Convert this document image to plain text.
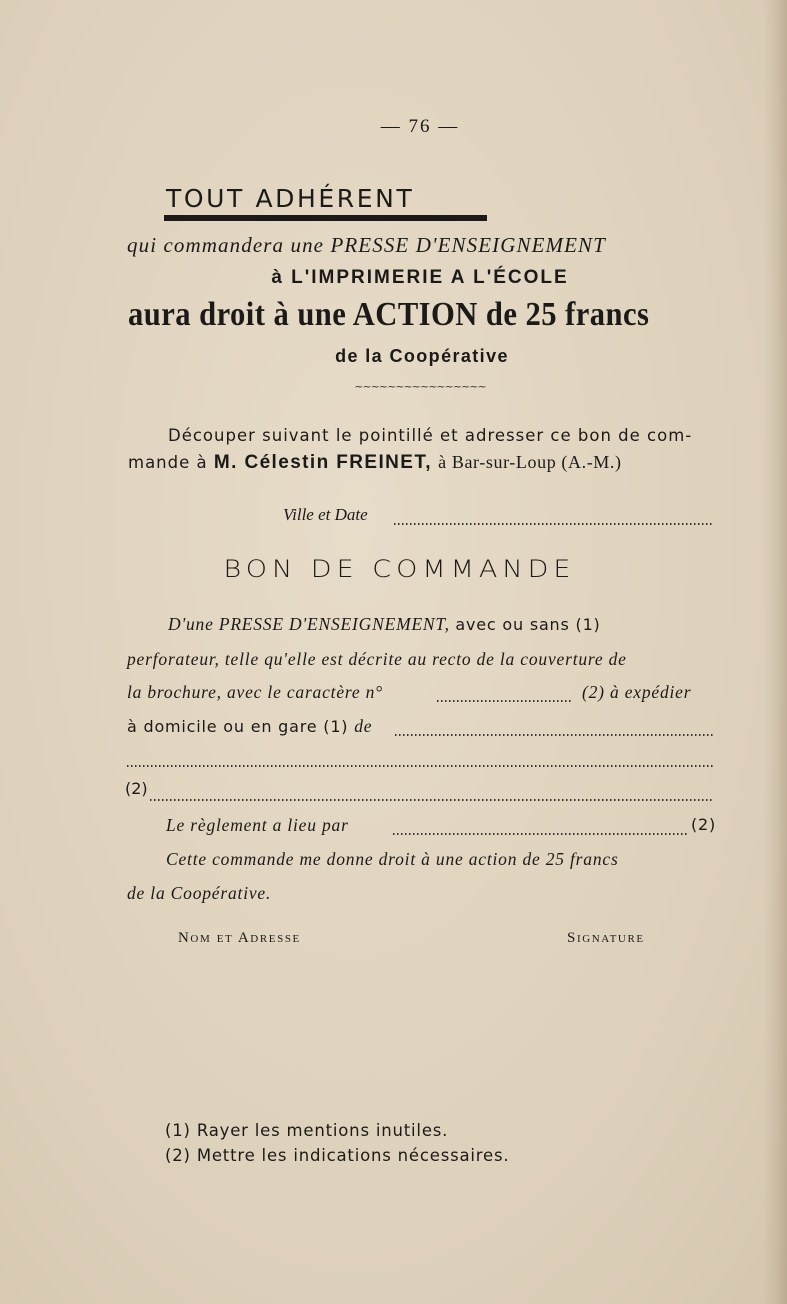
— 76 —
TOUT ADHÉRENT
qui commandera une PRESSE D'ENSEIGNEMENT
à L'IMPRIMERIE A L'ÉCOLE
aura droit à une ACTION de 25 francs
de la Coopérative
~~~~~~~~~~~~~~~~
Découper suivant le pointillé et adresser ce bon de com-
mande à M. Célestin FREINET, à Bar-sur-Loup (A.-M.)
Ville et Date
BON DE COMMANDE
D'une PRESSE D'ENSEIGNEMENT, avec ou sans (1)
perforateur, telle qu'elle est décrite au recto de la couverture de
la brochure, avec le caractère n°	(2) à expédier
à domicile ou en gare (1) de
(2)
Le règlement a lieu par	(2)
Cette commande me donne droit à une action de 25 francs
de la Coopérative.
Nom et Adresse	Signature
(1) Rayer les mentions inutiles.
(2) Mettre les indications nécessaires.
